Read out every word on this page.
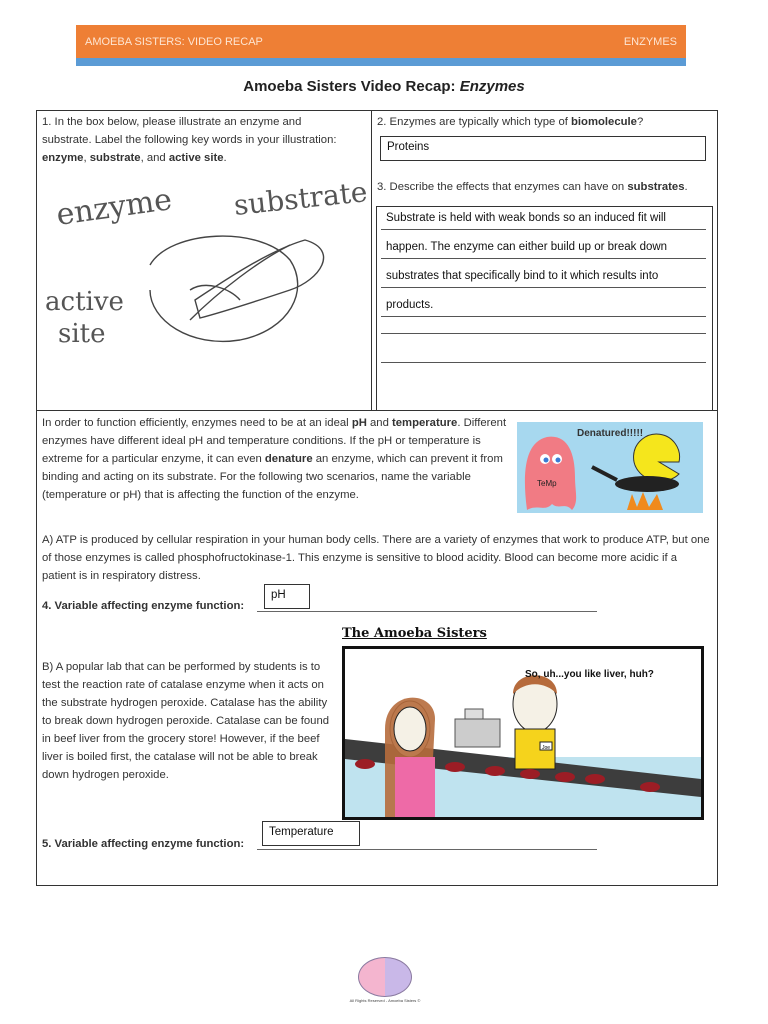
AMOEBA SISTERS: VIDEO RECAP	ENZYMES
Amoeba Sisters Video Recap: Enzymes
1. In the box below, please illustrate an enzyme and substrate. Label the following key words in your illustration: enzyme, substrate, and active site.
enzyme substrate
active
site
2. Enzymes are typically which type of biomolecule?
Proteins
3. Describe the effects that enzymes can have on substrates.
Substrate is held with weak bonds so an induced fit will
happen. The enzyme can either build up or break down
substrates that specifically bind to it which results into
products.
In order to function efficiently, enzymes need to be at an ideal pH and temperature. Different enzymes have different ideal pH and temperature conditions. If the pH or temperature is extreme for a particular enzyme, it can even denature an enzyme, which can prevent it from binding and acting on its substrate. For the following two scenarios, name the variable (temperature or pH) that is affecting the function of the enzyme.
TeMp
Denatured!!!!!
A) ATP is produced by cellular respiration in your human body cells. There are a variety of enzymes that work to produce ATP, but one of those enzymes is called phosphofructokinase-1. This enzyme is sensitive to blood acidity. Blood can become more acidic if a patient is in respiratory distress.
4. Variable affecting enzyme function:
pH
The Amoeba Sisters
Joe
So, uh...you like liver, huh?
B) A popular lab that can be performed by students is to test the reaction rate of catalase enzyme when it acts on the substrate hydrogen peroxide. Catalase has the ability to break down hydrogen peroxide. Catalase can be found in beef liver from the grocery store! However, if the beef liver is boiled first, the catalase will not be able to break down hydrogen peroxide.
5. Variable affecting enzyme function:
Temperature
All Rights Reserved - Amoeba Sisters ©
